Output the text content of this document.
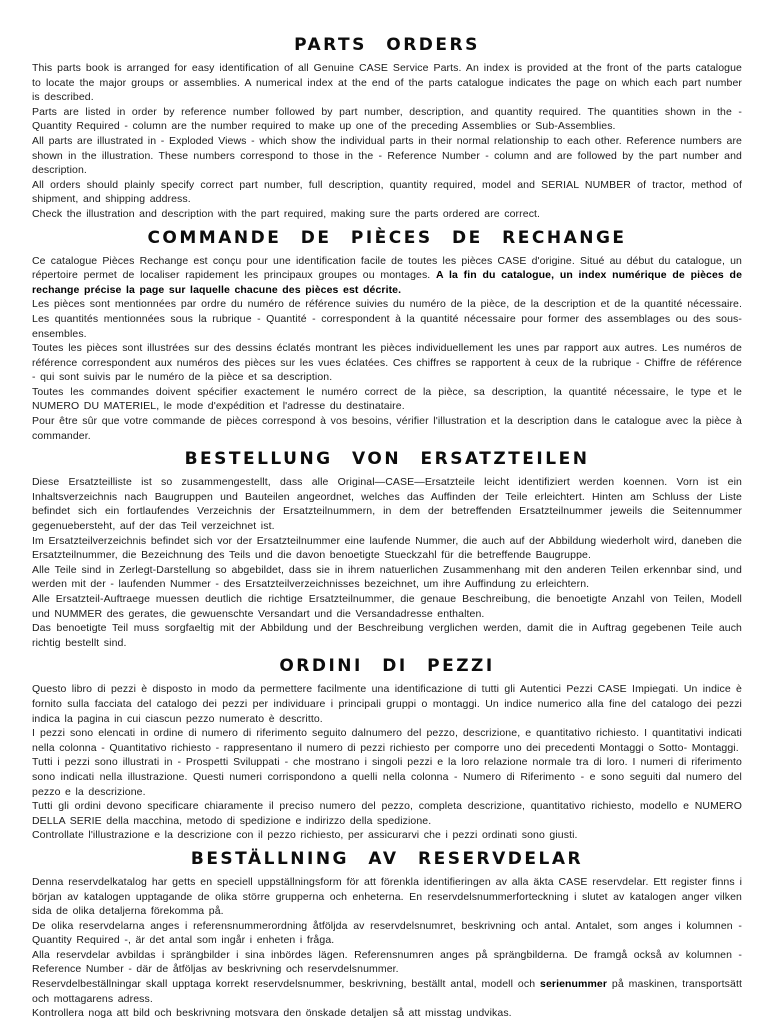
PARTS ORDERS

This parts book is arranged for easy identification of all Genuine CASE Service Parts. An index is provided at the front of the parts catalogue to locate the major groups or assemblies. A numerical index at the end of the parts catalogue indicates the page on which each part number is described.

Parts are listed in order by reference number followed by part number, description, and quantity required. The quantities shown in the - Quantity Required - column are the number required to make up one of the preceding Assemblies or Sub-Assemblies.

All parts are illustrated in - Exploded Views - which show the individual parts in their normal relationship to each other. Reference numbers are shown in the illustration. These numbers correspond to those in the - Reference Number - column and are followed by the part number and description.

All orders should plainly specify correct part number, full description, quantity required, model and SERIAL NUMBER of tractor, method of shipment, and shipping address.

Check the illustration and description with the part required, making sure the parts ordered are correct.

COMMANDE DE PIÈCES DE RECHANGE

Ce catalogue Pièces Rechange est conçu pour une identification facile de toutes les pièces CASE d'origine. Situé au début du catalogue, un répertoire permet de localiser rapidement les principaux groupes ou montages. A la fin du catalogue, un index numérique de pièces de rechange précise la page sur laquelle chacune des pièces est décrite.

Les pièces sont mentionnées par ordre du numéro de référence suivies du numéro de la pièce, de la description et de la quantité nécessaire. Les quantités mentionnées sous la rubrique - Quantité - correspondent à la quantité nécessaire pour former des assemblages ou des sous-ensembles.

Toutes les pièces sont illustrées sur des dessins éclatés montrant les pièces individuellement les unes par rapport aux autres. Les numéros de référence correspondent aux numéros des pièces sur les vues éclatées. Ces chiffres se rapportent à ceux de la rubrique - Chiffre de référence - qui sont suivis par le numéro de la pièce et sa description.

Toutes les commandes doivent spécifier exactement le numéro correct de la pièce, sa description, la quantité nécessaire, le type et le NUMERO DU MATERIEL, le mode d'expédition et l'adresse du destinataire.

Pour être sûr que votre commande de pièces correspond à vos besoins, vérifier l'illustration et la description dans le catalogue avec la pièce à commander.

BESTELLUNG VON ERSATZTEILEN

Diese Ersatzteilliste ist so zusammengestellt, dass alle Original—CASE—Ersatzteile leicht identifiziert werden koennen. Vorn ist ein Inhaltsverzeichnis nach Baugruppen und Bauteilen angeordnet, welches das Auffinden der Teile erleichtert. Hinten am Schluss der Liste befindet sich ein fortlaufendes Verzeichnis der Ersatzteilnummern, in dem der betreffenden Ersatzteilnummer jeweils die Seitennummer gegenuebersteht, auf der das Teil verzeichnet ist.

Im Ersatzteilverzeichnis befindet sich vor der Ersatzteilnummer eine laufende Nummer, die auch auf der Abbildung wiederholt wird, daneben die Ersatzteilnummer, die Bezeichnung des Teils und die davon benoetigte Stueckzahl für die betreffende Baugruppe.

Alle Teile sind in Zerlegt-Darstellung so abgebildet, dass sie in ihrem natuerlichen Zusammenhang mit den anderen Teilen erkennbar sind, und werden mit der - laufenden Nummer - des Ersatzteilverzeichnisses bezeichnet, um ihre Auffindung zu erleichtern.

Alle Ersatzteil-Auftraege muessen deutlich die richtige Ersatzteilnummer, die genaue Beschreibung, die benoetigte Anzahl von Teilen, Modell und NUMMER des gerates, die gewuenschte Versandart und die Versandadresse enthalten.

Das benoetigte Teil muss sorgfaeltig mit der Abbildung und der Beschreibung verglichen werden, damit die in Auftrag gegebenen Teile auch richtig bestellt sind.

ORDINI DI PEZZI

Questo libro di pezzi è disposto in modo da permettere facilmente una identificazione di tutti gli Autentici Pezzi CASE Impiegati. Un indice è fornito sulla facciata del catalogo dei pezzi per individuare i principali gruppi o montaggi. Un indice numerico alla fine del catalogo dei pezzi indica la pagina in cui ciascun pezzo numerato è descritto.

I pezzi sono elencati in ordine di numero di riferimento seguito dalnumero del pezzo, descrizione, e quantitativo richiesto. I quantitativi indicati nella colonna - Quantitativo richiesto - rappresentano il numero di pezzi richiesto per comporre uno dei precedenti Montaggi o Sotto- Montaggi.

Tutti i pezzi sono illustrati in - Prospetti Sviluppati - che mostrano i singoli pezzi e la loro relazione normale tra di loro. I numeri di riferimento sono indicati nella illustrazione. Questi numeri corrispondono a quelli nella colonna - Numero di Riferimento - e sono seguiti dal numero del pezzo e la descrizione.

Tutti gli ordini devono specificare chiaramente il preciso numero del pezzo, completa descrizione, quantitativo richiesto, modello e NUMERO DELLA SERIE della macchina, metodo di spedizione e indirizzo della spedizione.

Controllate l'illustrazione e la descrizione con il pezzo richiesto, per assicurarvi che i pezzi ordinati sono giusti.

BESTÄLLNING AV RESERVDELAR

Denna reservdelkatalog har getts en speciell uppställningsform för att förenkla identifieringen av alla äkta CASE reservdelar. Ett register finns i början av katalogen upptagande de olika större grupperna och enheterna. En reservdelsnummerforteckning i slutet av katalogen anger vilken sida de olika detaljerna förekomma på.

De olika reservdelarna anges i referensnummerordning åtföljda av reservdelsnumret, beskrivning och antal. Antalet, som anges i kolumnen - Quantity Required -, är det antal som ingår i enheten i fråga.

Alla reservdelar avbildas i sprängbilder i sina inbördes lägen. Referensnumren anges på sprängbilderna. De framgå också av kolumnen - Reference Number - där de åtföljas av beskrivning och reservdelsnummer.

Reservdelbeställningar skall upptaga korrekt reservdelsnummer, beskrivning, beställt antal, modell och serienummer på maskinen, transportsätt och mottagarens adress.

Kontrollera noga att bild och beskrivning motsvara den önskade detaljen så att misstag undvikas.
